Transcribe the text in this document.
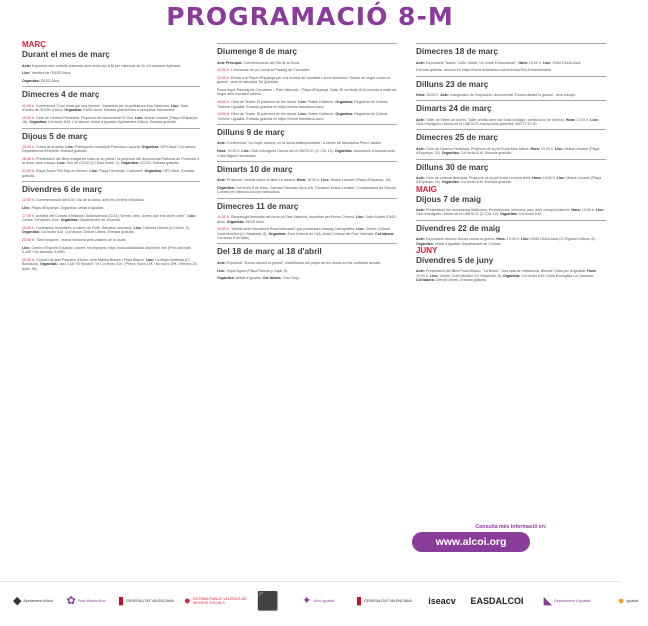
PROGRAMACIÓ 8-M
MARÇ
Durant el mes de març
Acte: Exposició dels cartells elaborats amb motiu del 8-M per l'alumnat de 2n d'Il·lustració Aplicada.
Lloc: Vestíbul de l'EASD Alcoi.
Organitza: EASD Alcoi.
Dimecres 4 de març
11:00 h. Conferència "Com mirar per una femme". Impartida per la professora Ana Talaixona. Lloc: Sala d'Actes de l'EASD d'Alcoi. Organitza: EASD Alcoi. Entrada gratuïta fins a completar l'aforament.
19:00 h. Cicle de Cinema Feminista. Projecció del documental El Gos. Lloc: Mutua Levante (Plaça d'Espanya, 16). Organitza: Col·lectiu 8-M, Col·labora: Unitat d'Igualtat i Ajuntament d'Alcoi. Entrada gratuïta.
Dijous 5 de març
15:30 h. Cursa de la dona. Lloc: Poliesportiu municipal Francisco Laporta. Organitza: UPV Alcoi, Col·labora: Departament d'Esports. Entrada gratuïta.
18:30 h. Presentació del llibre Imàgenes hilas de su patria i la projecció del documental Patronat de Protecció a la dona, amb coloqui. Lloc: Seu de CCOO (C/ Sant Isidre, 1). Organitza: CCOO. Entrada gratuïta.
21:00 h. Plaça Sona FEM Rap en femení. Lloc: Plaça Ferrándiz i Carbonell. Organitza: UPV Alcoi. Entrada gratuïta.
Divendres 6 de març
12:00 h. Commemoració del 8-M, Dia de la Dona, amb els centres educatius.
Lloc: Plaça d'Espanya. Organitza: Unitat d'Igualtat.
17:30 h. Activitat del Consell d'Infància i Adolescència (CLIA) "Arrels i ales, dones que ens obrim camí". Lloc: Centre Cervantes Jove. Organitza: Departament de Joventut.
19:00 h. Confusions feministes, a càrrec de Ruth. Sarnaton animació. Lloc: Llibreria Detroit (C/ Oliver, 5). Organitza: Col·lectiu 8-M, Col·labora: Detroit Llibres. Entrada gratuïta.
20:30 h. "Ales fosques", marxa nocturna pels voltants de la ciutat.
Lloc: Centre d'Esports Eduardo Latorre. Inscripcions: https://educaloidaltaria.deporsite.net/ (Preu abonats: 3,40€ / No abonats: 5,65€).
20:30 h. Concert de jazz Pasodes d'Amor, amb Marisa Blanes i Pepa Blasco. Lloc: La Mujer Barbuda (C/ Bonifacio), Organitza: Jazz Club "El Mussol" i el Col·lectiu 8-M. (Preus: Socis 10€ / No socis 20€ / Menors 25 anys: 5€).
Diumenge 8 de març
Acte Principal: Commemoració del Dia de la Dona.
10:30 h. L'esmorzar de pa i porta al Passeig de Cervantes.
12:00 h. Eixida a la Plaça d'Espanya per a la lectura del manifest i acció simbòlica "Dones de negre contra la guerra", amb la batucada Tal Quinkitai.
Recorregut: Passeig de Cervantes – País Valencià – Plaça d'Espanya. Nota: El col·lectiu 8-M convida a vestir de negre amb mocador palestí.
19:00 h. Obra de Teatre: El patiment de les dones. Lloc: Teatre Calderón. Organitza: Regidoria de Cultura, Turisme i Igualtat. Entrada gratuïta en https://home.ticketalcoi.com/
19:00 h. Obra de Teatre: El patiment de les dones. Lloc: Teatre Calderón. Organitza: Regidoria de Cultura, Turisme i Igualtat. Entrada gratuïta en https://home.ticketalcoi.com/
Dilluns 9 de març
Acte: Conferència "La mujer cultana, en la lucha antiimperialista", a càrrec de Mandarina Pérez Valdés.
Hora: 19:30 h. Lloc: Club d'Amigues i Amics de la UNESCO (C/ Cid, 12). Organitza: Associació d'Amistat amb Cuba Miguel Hernández.
Dimarts 10 de març
Acte: Projecció i tertúlia sobre el llibre La mestra. Hora: 19:30 h. Lloc: Mutua Levante (Plaça d'Espanya, 16).
Organitza: Col·lectiu 8 de Març, Carrosa Educació Alcoi UA, Fundació Mutua Levante. Coordinadora de l'Alcoià-Comtat pel Valencià-Escola Valenciana.
Dimecres 11 de març
11:00 h. Genealogia feminista del forum al País Valencià, impartida per Erena Climent. Lloc: Sala d'Actes EASD Alcoi. Organitza: EASD Alcoi.
19:30 h. Tertúlia amb l'escriptora Rosa Mascarell, que presentarà l'assaig Cartografies. Lloc: Centre Cultural Ovidi Montllor (C/ Vistabella, 8). Organitza: Àrea Cultural de l'UA. Acció Cultural del País Valencià. Col·labora: Col·lectiu 8 de Març.
Del 18 de març al 18 d'abril
Acte: Exposició "Dones davant la guerra", visibilització del paper de les dones en els conflictes armats.
Lloc: Espai Àgora (Plaça Ramón y Cajal, 6).
Organitza: Unitat d'Igualtat. Col·labora: Creu Roja.
Dimecres 18 de març
Acte: Espectacle "Isabel, Coño, Noble, Un conte Extraordinari". Hora: 19:00 h. Lloc: IVAM CADA Alcoi.
Entrada gratuïta, reserve en https://home.ticketalcoi.com/eventos/ISA-Extraordinaria/.
Dilluns 23 de març
Hora: 18:00 h. Acte: Inauguració de l'exposició i documental "Dones davant la guerra", amb coloqui.
Dimarts 24 de març
Acte: Taller de Totem de dones. Taller creatiu amb Isa Sosa (collage i construcció de totems). Hora: 17:00 h. Lloc: Club d'Amigues i Amics de la UNESCO.Inscripcions gratuïtes: 600 72 57 50.
Dimecres 25 de març
Acte: Cicle de Cinema Feminista. Projecció de la pel·lícula Mos Dabra. Hora: 19:00 h. Lloc: Mutua Levante (Plaça d'Espanya, 16). Organitza: Col·lectiu 8-M. Entrada gratuïta.
Dilluns 30 de març
Acte: Cicle de cinema feminista. Projecció de la pel·lícula La bona terra. Hora: 19:00 h. Lloc: Mutua Levante (Plaça d'Espanya, 16). Organitza: Col·lectiu 8-M. Entrada gratuïta.
MAIG
Dijous 7 de maig
Acte: Presentació del documental Malhones. Resistències, memòria, pau, amb coloqui posterior. Hora: 19:00 h. Lloc: Club d'Amigues i Amics de la UNESCO (C/ Cid, 12). Organitza: Col·lectiu 8-M.
Divendres 22 de maig
Acte: Espectacle escènic Dones contra la guerra. Hora: 19:00 h. Lloc: IVAM CADA Alcoi (C/ Rigobert Albors, 8). Organitza: Unitat d'Igualtat, Departament de Cultura.
JUNY
Divendres 5 de juny
Acte: Presentació del llibre Paca Blanco, "La Brava". Una vida de resistència, llibertat i lluita per la igualtat. Hora: 19:00 h. Lloc: Centre Ovidi Montllor (C/ Vistabella, 8). Organitza: Col·lectiu 8-M i Colla Ecologista La Carrasca. Col·labora: Detroit Llibres. Entrada gratuïta.
Consulta més informació en:
www.alcoi.org
◆ Ajuntament d'Alcoi ✿ Punt Violeta Alcoi ▮ GENERALITAT VALENCIANA ● SISTEMA PÚBLIC VALENCIÀ DE SERVEIS SOCIALS	⬛ ✦ Alcoi Igualtat ▮ GENERALITAT VALENCIANA iseacv EASDALCOI ◣ Departament d'Igualtat ● Igualtat
